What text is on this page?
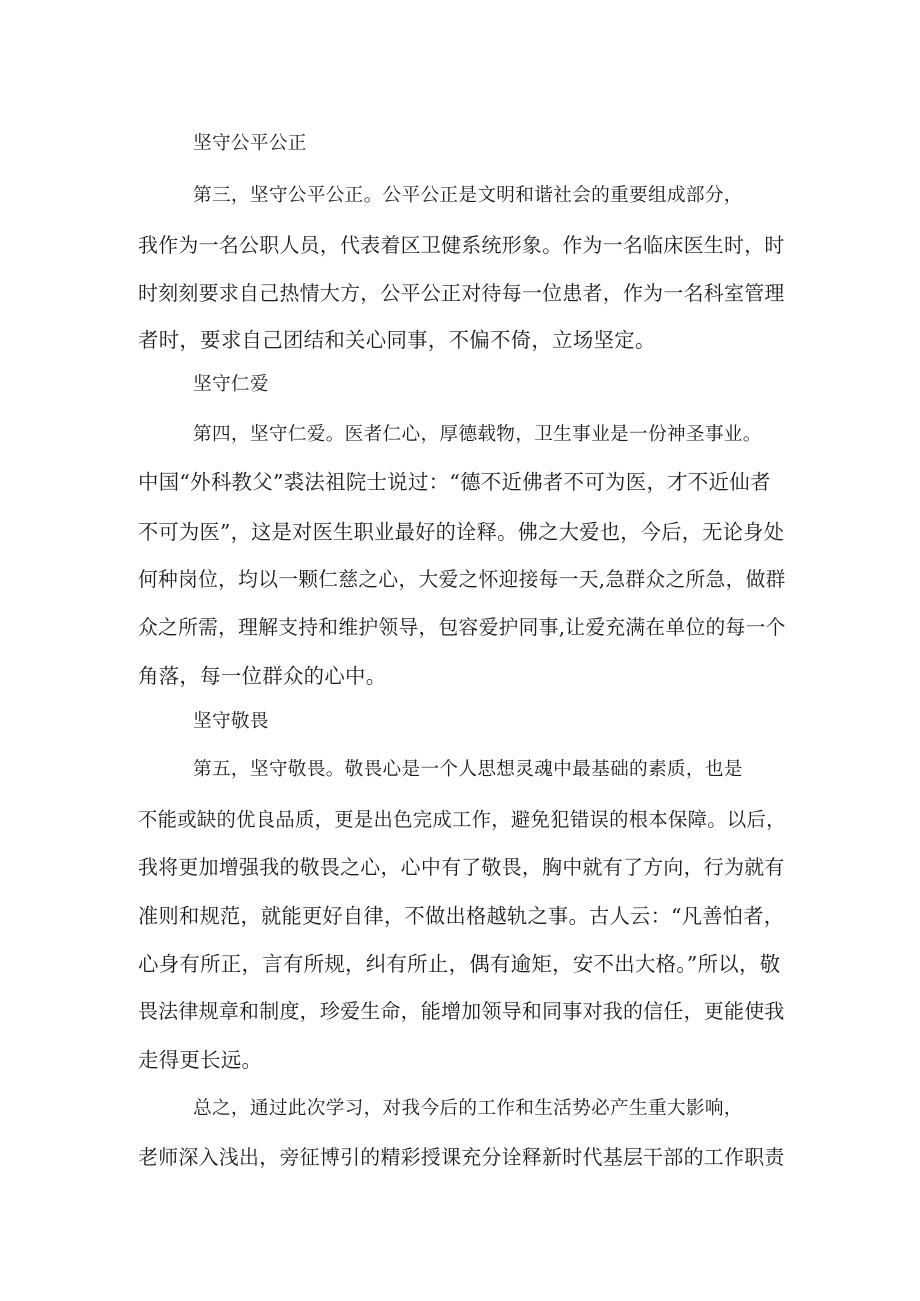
坚守公平公正
第三，坚守公平公正。公平公正是文明和谐社会的重要组成部分，
我作为一名公职人员，代表着区卫健系统形象。作为一名临床医生时，时
时刻刻要求自己热情大方，公平公正对待每一位患者，作为一名科室管理
者时，要求自己团结和关心同事，不偏不倚，立场坚定。
坚守仁爱
第四，坚守仁爱。医者仁心，厚德载物，卫生事业是一份神圣事业。
中国“外科教父”裘法祖院士说过：“德不近佛者不可为医，才不近仙者
不可为医”，这是对医生职业最好的诠释。佛之大爱也，今后，无论身处
何种岗位，均以一颗仁慈之心，大爱之怀迎接每一天,急群众之所急，做群
众之所需，理解支持和维护领导，包容爱护同事,让爱充满在单位的每一个
角落，每一位群众的心中。
坚守敬畏
第五，坚守敬畏。敬畏心是一个人思想灵魂中最基础的素质，也是
不能或缺的优良品质，更是出色完成工作，避免犯错误的根本保障。以后，
我将更加增强我的敬畏之心，心中有了敬畏，胸中就有了方向，行为就有
准则和规范，就能更好自律，不做出格越轨之事。古人云：“凡善怕者，
心身有所正，言有所规，纠有所止，偶有逾矩，安不出大格。”所以，敬
畏法律规章和制度，珍爱生命，能增加领导和同事对我的信任，更能使我
走得更长远。
总之，通过此次学习，对我今后的工作和生活势必产生重大影响，
老师深入浅出，旁征博引的精彩授课充分诠释新时代基层干部的工作职责
